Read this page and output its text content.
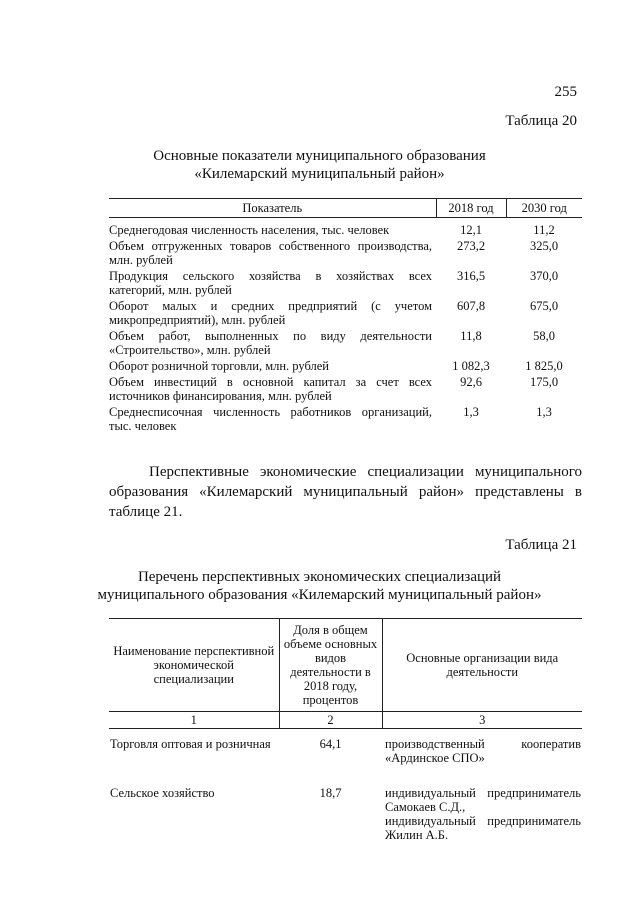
255
Таблица 20
Основные показатели муниципального образования
«Килемарский муниципальный район»
Показатель	2018 год	2030 год
Среднегодовая численность населения, тыс. человек	12,1	11,2
Объем отгруженных товаров собственного производства, млн. рублей	273,2	325,0
Продукция сельского хозяйства в хозяйствах всех категорий, млн. рублей	316,5	370,0
Оборот малых и средних предприятий (с учетом микропредприятий), млн. рублей	607,8	675,0
Объем работ, выполненных по виду деятельности «Строительство», млн. рублей	11,8	58,0
Оборот розничной торговли, млн. рублей	1 082,3	1 825,0
Объем инвестиций в основной капитал за счет всех источников финансирования, млн. рублей	92,6	175,0
Среднесписочная численность работников организаций, тыс. человек	1,3	1,3
Перспективные экономические специализации муниципального образования «Килемарский муниципальный район» представлены в таблице 21.
Таблица 21
Перечень перспективных экономических специализаций
муниципального образования «Килемарский муниципальный район»
Наименование перспективной экономической специализации	Доля в общем объеме основных видов деятельности в 2018 году, процентов	Основные организации вида деятельности
1	2	3
Торговля оптовая и розничная	64,1	производственный кооператив «Ардинское СПО»

Сельское хозяйство	18,7	индивидуальный предприниматель Самокаев С.Д.,
индивидуальный предприниматель Жилин А.Б.
